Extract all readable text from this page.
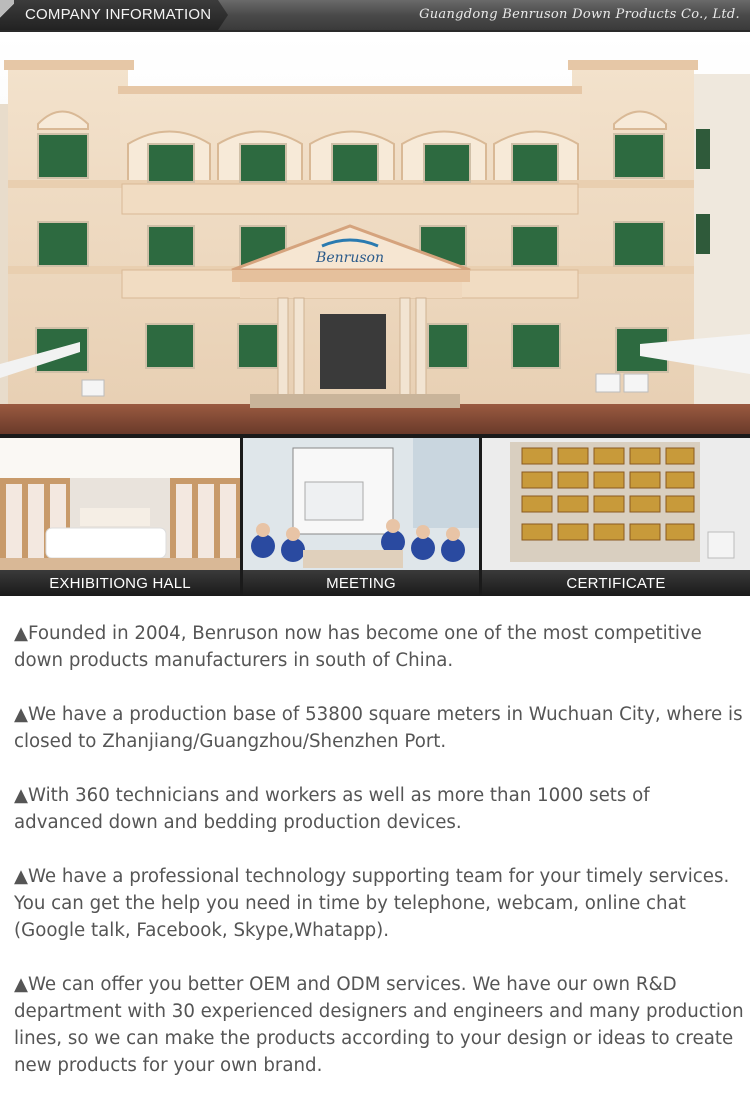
COMPANY INFORMATION	Guangdong Benruson Down Products Co., Ltd.
Benruson
EXHIBITIONG HALL	MEETING	CERTIFICATE

▲Founded in 2004, Benruson now has become one of the most competitive down products manufacturers in south of China.

▲We have a production base of 53800 square meters in Wuchuan City, where is closed to Zhanjiang/Guangzhou/Shenzhen Port.

▲With 360 technicians and workers as well as more than 1000 sets of advanced down and bedding production devices.

▲We have a professional technology supporting team for your timely services. You can get the help you need in time by telephone, webcam, online chat (Google talk, Facebook, Skype,Whatapp).

▲We can offer you better OEM and ODM services. We have our own R&D department with 30 experienced designers and engineers and many production lines, so we can make the products according to your design or ideas to create new products for your own brand.
